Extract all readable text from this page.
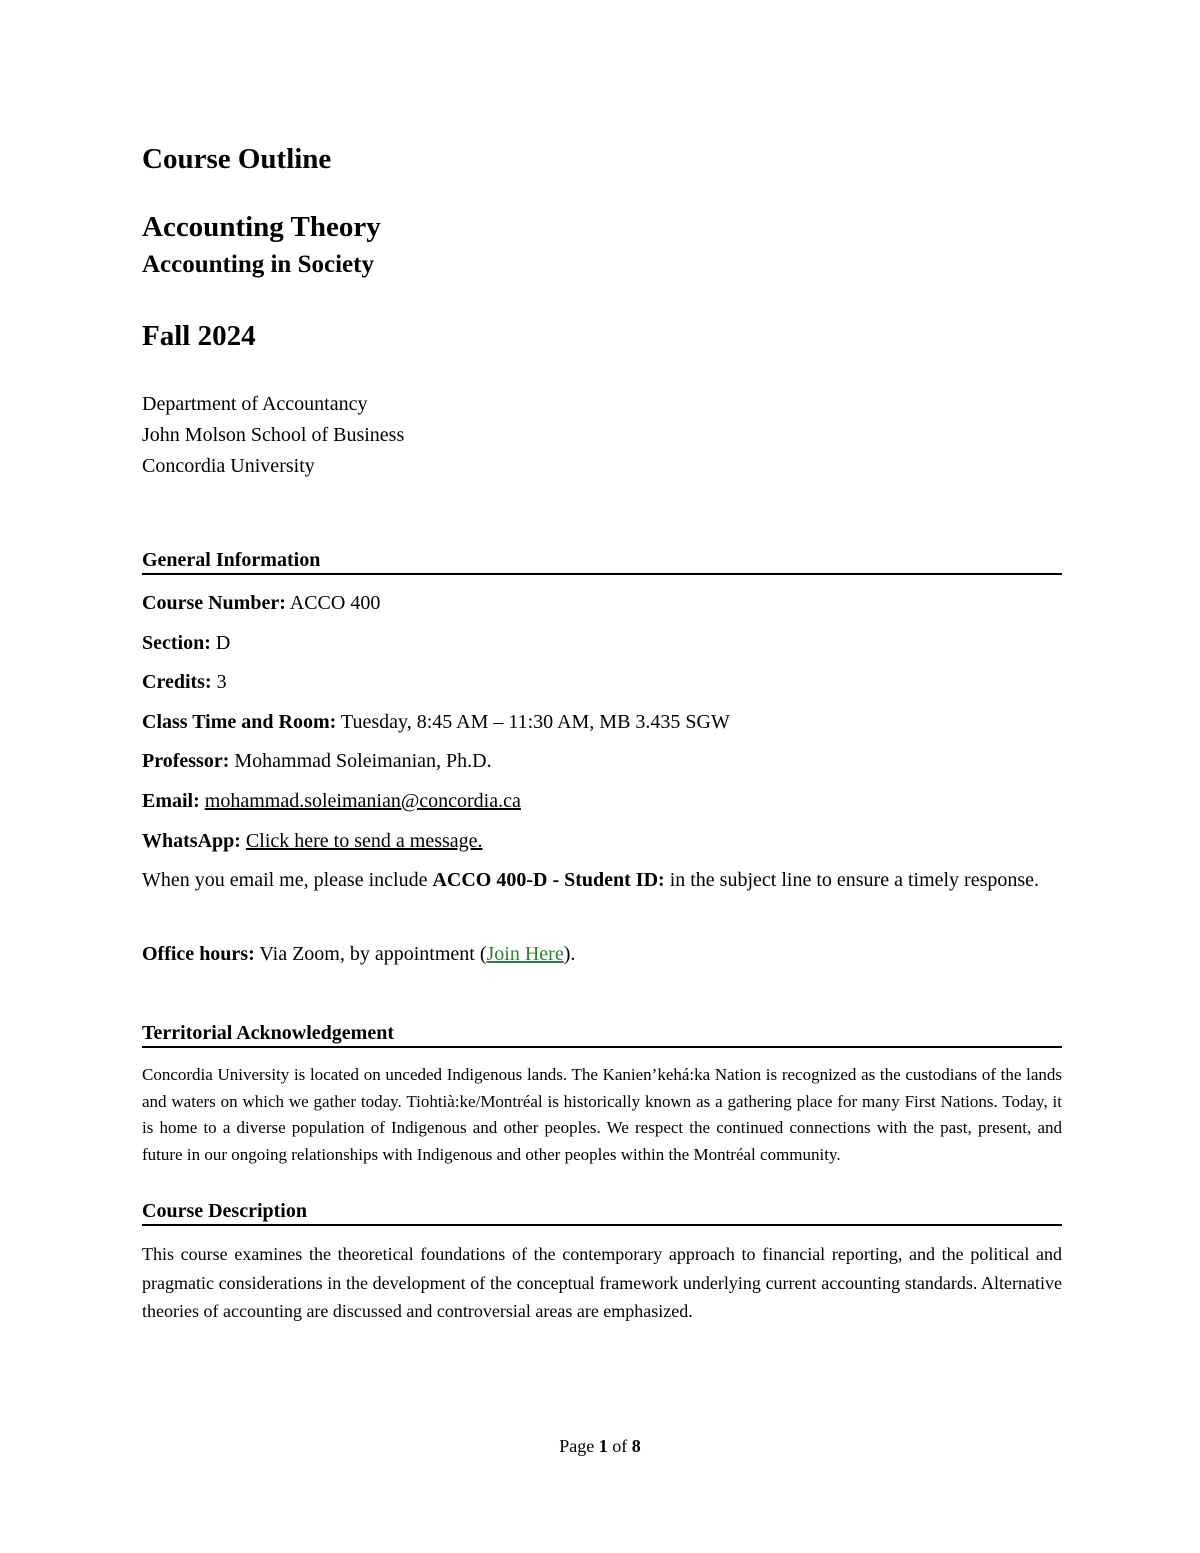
Course Outline
Accounting Theory
Accounting in Society
Fall 2024
Department of Accountancy
John Molson School of Business
Concordia University
General Information
Course Number: ACCO 400
Section: D
Credits: 3
Class Time and Room: Tuesday, 8:45 AM – 11:30 AM, MB 3.435 SGW
Professor: Mohammad Soleimanian, Ph.D.
Email: mohammad.soleimanian@concordia.ca
WhatsApp: Click here to send a message.
When you email me, please include ACCO 400-D - Student ID: in the subject line to ensure a timely response.
Office hours: Via Zoom, by appointment (Join Here).
Territorial Acknowledgement
Concordia University is located on unceded Indigenous lands. The Kanien’kehá:ka Nation is recognized as the custodians of the lands and waters on which we gather today. Tiohtià:ke/Montréal is historically known as a gathering place for many First Nations. Today, it is home to a diverse population of Indigenous and other peoples. We respect the continued connections with the past, present, and future in our ongoing relationships with Indigenous and other peoples within the Montréal community.
Course Description
This course examines the theoretical foundations of the contemporary approach to financial reporting, and the political and pragmatic considerations in the development of the conceptual framework underlying current accounting standards. Alternative theories of accounting are discussed and controversial areas are emphasized.
Page 1 of 8
